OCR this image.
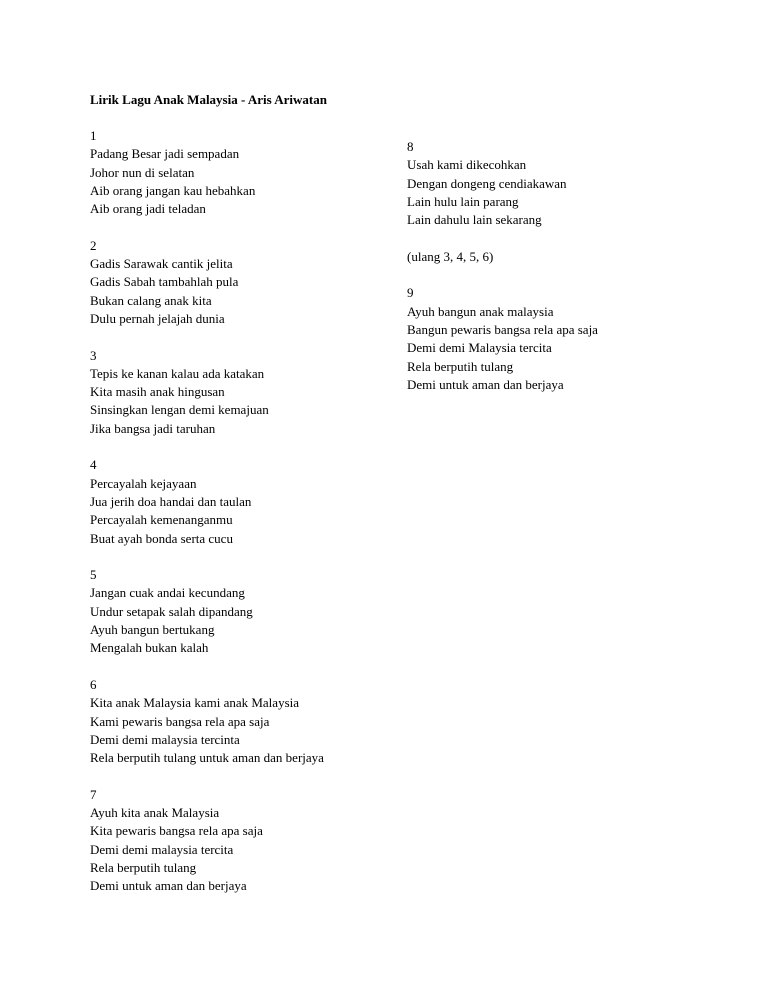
Lirik Lagu Anak Malaysia - Aris Ariwatan

1
Padang Besar jadi sempadan
Johor nun di selatan
Aib orang jangan kau hebahkan
Aib orang jadi teladan
2
Gadis Sarawak cantik jelita
Gadis Sabah tambahlah pula
Bukan calang anak kita
Dulu pernah jelajah dunia
3
Tepis ke kanan kalau ada katakan
Kita masih anak hingusan
Sinsingkan lengan demi kemajuan
Jika bangsa jadi taruhan
4
Percayalah kejayaan
Jua jerih doa handai dan taulan
Percayalah kemenanganmu
Buat ayah bonda serta cucu
5
Jangan cuak andai kecundang
Undur setapak salah dipandang
Ayuh bangun bertukang
Mengalah bukan kalah
6
Kita anak Malaysia kami anak Malaysia
Kami pewaris bangsa rela apa saja
Demi demi malaysia tercinta
Rela berputih tulang untuk aman dan berjaya
7
Ayuh kita anak Malaysia
Kita pewaris bangsa rela apa saja
Demi demi malaysia tercita
Rela berputih tulang
Demi untuk aman dan berjaya
8
Usah kami dikecohkan
Dengan dongeng cendiakawan
Lain hulu lain parang
Lain dahulu lain sekarang
(ulang 3, 4, 5, 6)
9
Ayuh bangun anak malaysia
Bangun pewaris bangsa rela apa saja
Demi demi Malaysia tercita
Rela berputih tulang
Demi untuk aman dan berjaya
